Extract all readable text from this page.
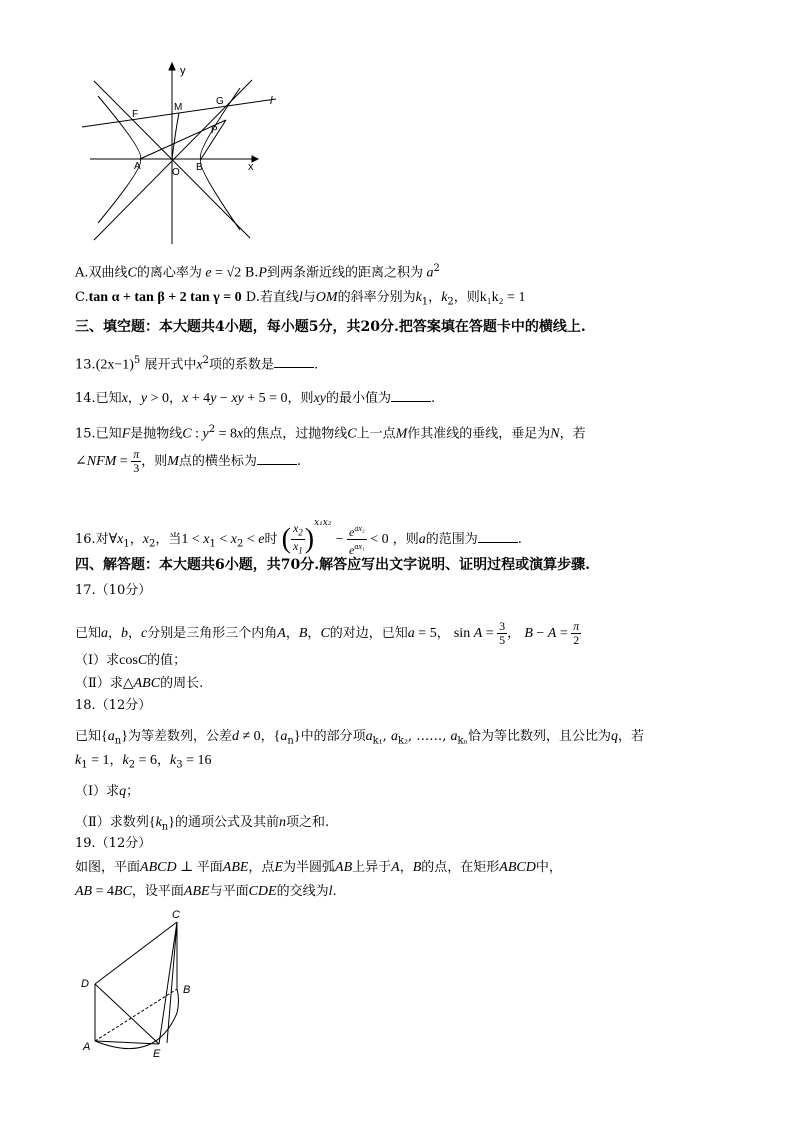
y
x
l
F
M
G
P
A	B
O
A.双曲线C的离心率为 e = √2 B.P到两条渐近线的距离之积为 $a^2$
C.tan α + tan β + 2 tan γ = 0 D.若直线l与OM的斜率分别为$k_1$，$k_2$，则k₁k₂ = 1
三、填空题：本大题共4小题，每小题5分，共20分.把答案填在答题卡中的横线上.
$13.(2x-1)^5$ 展开式中$x^2$项的系数是	.
14.已知x，y > 0，x + 4y − xy + 5 = 0，则xy的最小值为	.
15.已知F是抛物线C : $y^2 = 8x$的焦点，过抛物线C上一点M作其准线的垂线，垂足为N，若
∠NFM = $\frac{\pi}{3}$ ，则M点的横坐标为	.
16.对$\forall x_1$，$x_2$，当$1 < x_1 < x_2 < e$时 ( $\frac{x_2}{x_1} )^{x_1x_2} - \frac{e^{ax_2}}{e^{ax_1}} < 0$ ，则a的范围为	.
四、解答题：本大题共6小题，共70分.解答应写出文字说明、证明过程或演算步骤.
17.（10分）
已知a，b，c分别是三角形三个内角A，B，C的对边，已知a = 5， $\sin A = \frac{3}{5}$ ， $B - A = \frac{\pi}{2}$
（Ⅰ）求cosC的值；
（Ⅱ）求△ABC的周长.
18.（12分）
已知$\{a_n\}$为等差数列，公差d ≠ 0，$\{a_n\}$中的部分项$a_{k_1}$, $a_{k_2}$, ……, $a_{k_n}$恰为等比数列，且公比为q，若
$k_1 = 1$，$k_2 = 6$，$k_3 = 16$
（Ⅰ）求q；
（Ⅱ）求数列$\{k_n\}$的通项公式及其前n项之和.
19.（12分）
如图，平面ABCD ⊥ 平面ABE，点E为半圆弧AB上异于A，B的点，在矩形ABCD中，
AB = 4BC，设平面ABE与平面CDE的交线为l.
C
D	B
A
E
